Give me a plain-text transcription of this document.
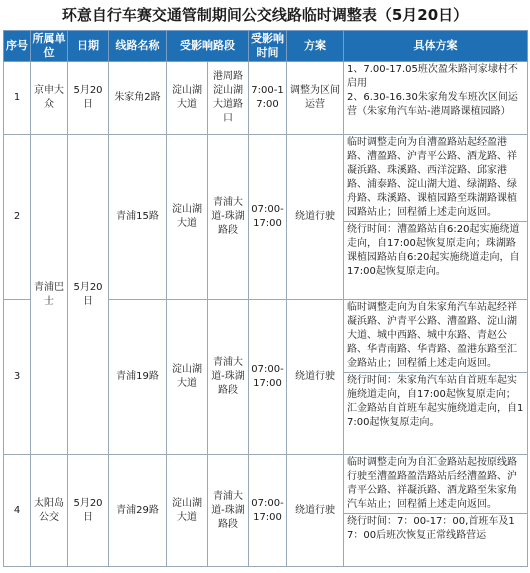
环意自行车赛交通管制期间公交线路临时调整表（5月20日）
序号	所属单位	日期	线路名称	受影响路段		受影响时间	方案	具体方案
1	京申大众	5月20日	朱家角2路	淀山湖大道	港周路淀山湖大道路口	7:00-17:00	调整为区间运营	1、7.00-17.05班次盈朱路河家埭村不启用
2、6.30-16.30朱家角发车班次区间运营（朱家角汽车站-港周路课植园路）

2	青浦巴士	5月20日	青浦15路	淀山湖大道	青浦大道-珠湖路段	07:00-17:00	绕道行驶	临时调整走向为自漕盈路站起经盈港路、漕盈路、沪青平公路、酒龙路、祥凝浜路、珠溪路、西洋淀路、邱家港路、浦泰路、淀山湖大道、绿湖路、绿舟路、珠溪路、课植园路至珠湖路课植园路站止；回程循上述走向返回。
绕行时间：漕盈路站自6:20起实施绕道走向，自17:00起恢复原走向；珠湖路课植园路站自6:20起实施绕道走向，自17:00起恢复原走向。

3			青浦19路	淀山湖大道	青浦大道-珠湖路段	07:00-17:00	绕道行驶	临时调整走向为自朱家角汽车站起经祥凝浜路、沪青平公路、漕盈路、淀山湖大道、城中西路、城中东路、青赵公路、华青南路、华青路、盈港东路至汇金路站止；回程循上述走向返回。
绕行时间：朱家角汽车站自首班车起实施绕道走向，自17:00起恢复原走向；汇金路站自首班车起实施绕道走向，自17:00起恢复原走向。

4	太阳岛公交	5月20日	青浦29路	淀山湖大道	青浦大道-珠湖路段	07:00-17:00	绕道行驶	临时调整走向为自汇金路站起按原线路行驶至漕盈路盈浩路站后经漕盈路、沪青平公路、祥凝浜路、酒龙路至朱家角汽车站止；回程循上述走向返回。
绕行时间：7：00-17：00,首班车及17：00后班次恢复正常线路营运
